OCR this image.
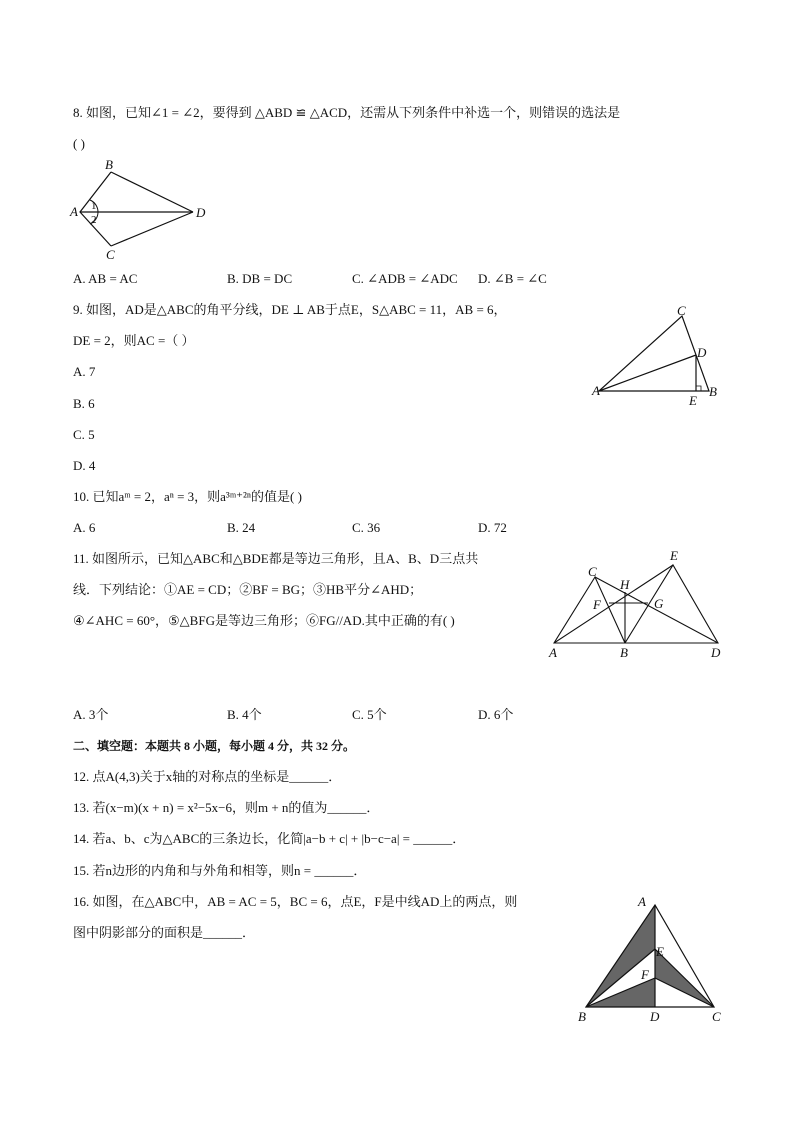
8. 如图，已知∠1 = ∠2，要得到 △ABD ≌ △ACD，还需从下列条件中补选一个，则错误的选法是
( )
B
A	D
C
1
2
A. AB = AC	B. DB = DC	C. ∠ADB = ∠ADC D. ∠B = ∠C
9. 如图，AD是△ABC的角平分线，DE ⊥ AB于点E，S△ABC = 11，AB = 6，
DE = 2，则AC =（ ）
C
D
A	B
E
A. 7
B. 6
C. 5
D. 4
10. 已知aᵐ = 2，aⁿ = 3，则a³ᵐ⁺²ⁿ的值是( )
A. 6	B. 24	C. 36	D. 72
11. 如图所示，已知△ABC和△BDE都是等边三角形，且A、B、D三点共
线．下列结论：①AE = CD；②BF = BG；③HB平分∠AHD；
④∠AHC = 60°，⑤△BFG是等边三角形；⑥FG//AD.其中正确的有( )
C
E
H
F	G
A	B	D
A. 3个	B. 4个	C. 5个	D. 6个
二、填空题：本题共 8 小题，每小题 4 分，共 32 分。
12. 点A(4,3)关于x轴的对称点的坐标是______．
13. 若(x−m)(x + n) = x²−5x−6，则m + n的值为______．
14. 若a、b、c为△ABC的三条边长，化简|a−b + c| + |b−c−a| = ______．
15. 若n边形的内角和与外角和相等，则n = ______．
16. 如图，在△ABC中，AB = AC = 5，BC = 6，点E，F是中线AD上的两点，则
图中阴影部分的面积是______．
A
E
F
B	D	C
